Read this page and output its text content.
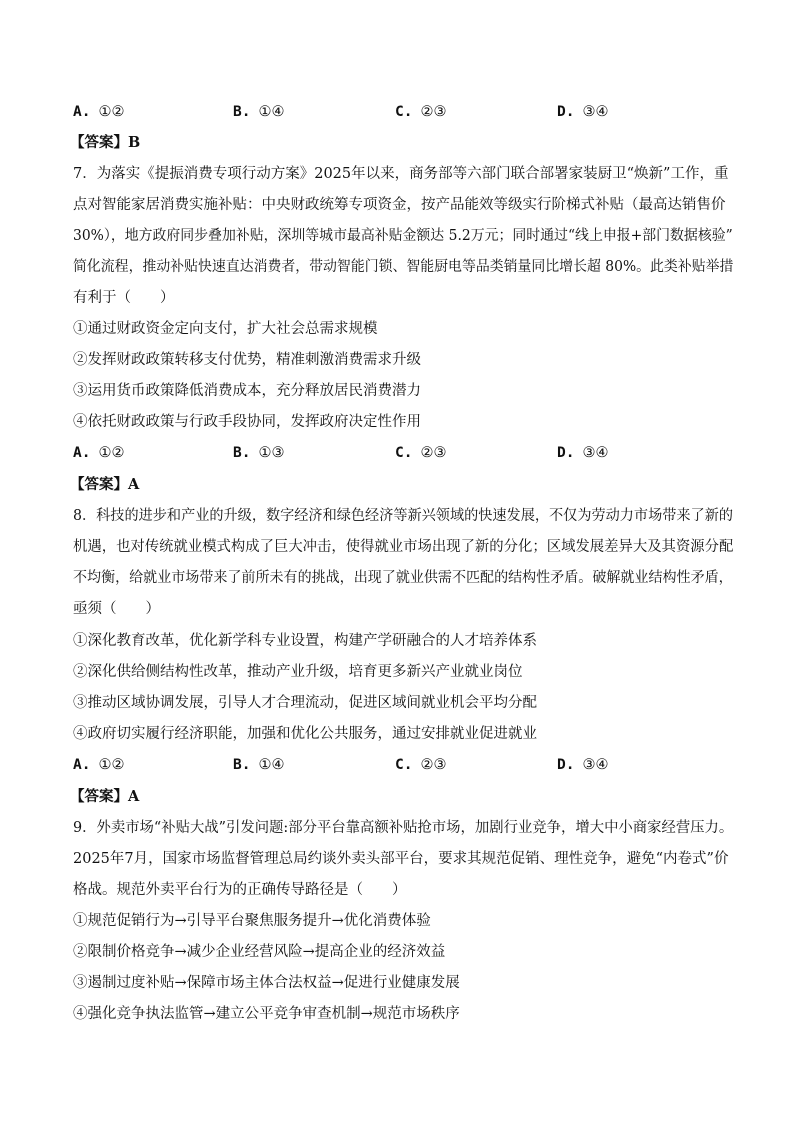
A. ①②	B. ①④	C. ②③	D. ③④
【答案】B
7．为落实《提振消费专项行动方案》2025年以来，商务部等六部门联合部署家装厨卫“焕新”工作，重
点对智能家居消费实施补贴：中央财政统筹专项资金，按产品能效等级实行阶梯式补贴（最高达销售价
30%），地方政府同步叠加补贴，深圳等城市最高补贴金额达 5.2万元；同时通过“线上申报+部门数据核验”
简化流程，推动补贴快速直达消费者，带动智能门锁、智能厨电等品类销量同比增长超 80%。此类补贴举措
有利于（　　）
①通过财政资金定向支付，扩大社会总需求规模
②发挥财政政策转移支付优势，精准刺激消费需求升级
③运用货币政策降低消费成本，充分释放居民消费潜力
④依托财政政策与行政手段协同，发挥政府决定性作用
A. ①②	B. ①③	C. ②③	D. ③④
【答案】A
8．科技的进步和产业的升级，数字经济和绿色经济等新兴领域的快速发展，不仅为劳动力市场带来了新的
机遇，也对传统就业模式构成了巨大冲击，使得就业市场出现了新的分化；区域发展差异大及其资源分配
不均衡，给就业市场带来了前所未有的挑战，出现了就业供需不匹配的结构性矛盾。破解就业结构性矛盾，
亟须（　　）
①深化教育改革，优化新学科专业设置，构建产学研融合的人才培养体系
②深化供给侧结构性改革，推动产业升级，培育更多新兴产业就业岗位
③推动区域协调发展，引导人才合理流动，促进区域间就业机会平均分配
④政府切实履行经济职能，加强和优化公共服务，通过安排就业促进就业
A. ①②	B. ①④	C. ②③	D. ③④
【答案】A
9．外卖市场“补贴大战”引发问题:部分平台靠高额补贴抢市场，加剧行业竞争，增大中小商家经营压力。
2025年7月，国家市场监督管理总局约谈外卖头部平台，要求其规范促销、理性竞争，避免“内卷式”价
格战。规范外卖平台行为的正确传导路径是（　　）
①规范促销行为→引导平台聚焦服务提升→优化消费体验
②限制价格竞争→减少企业经营风险→提高企业的经济效益
③遏制过度补贴→保障市场主体合法权益→促进行业健康发展
④强化竞争执法监管→建立公平竞争审查机制→规范市场秩序
